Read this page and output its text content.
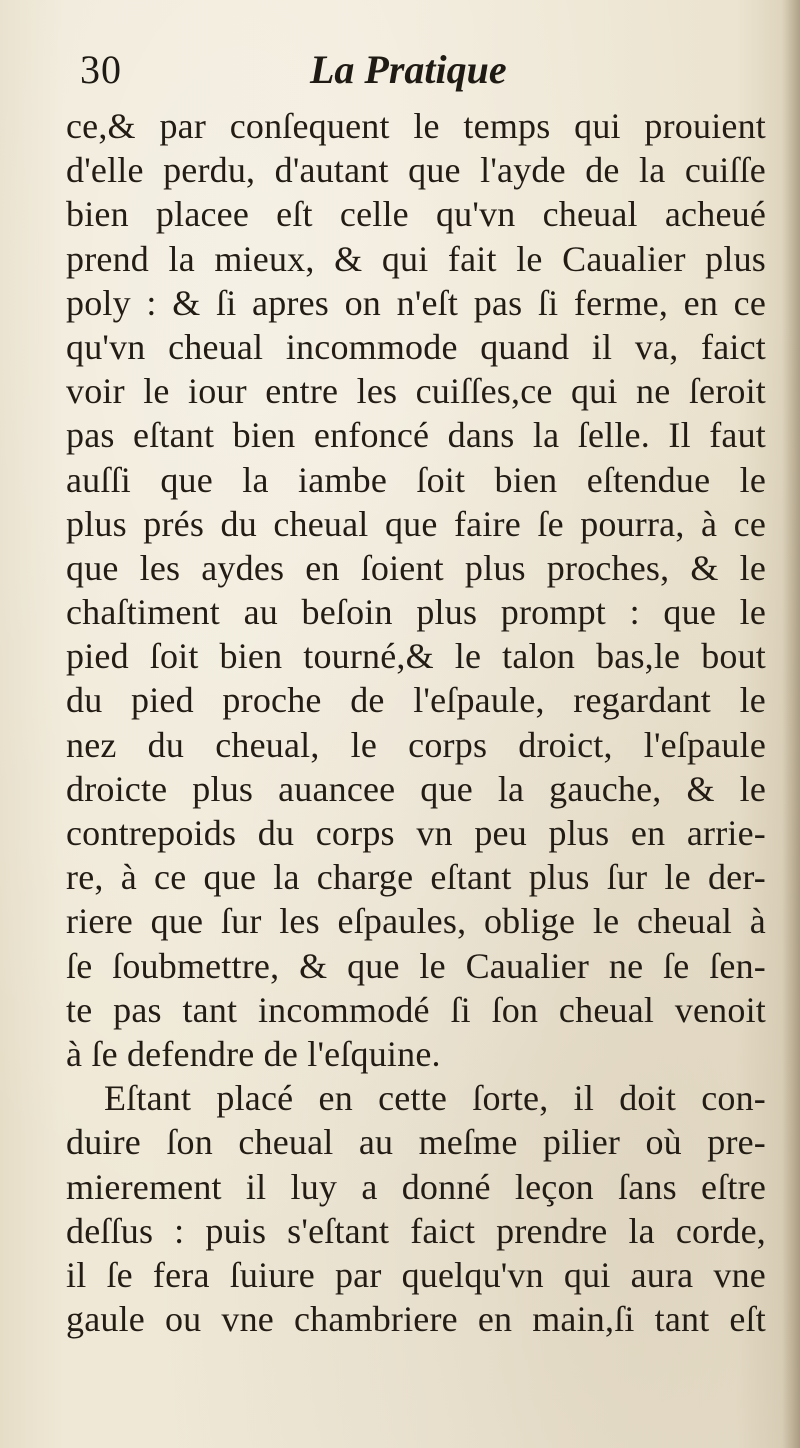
30	La Pratique
ce,& par conſequent le temps qui prouient
d'elle perdu, d'autant que l'ayde de la cuiſſe
bien placee eſt celle qu'vn cheual acheué
prend la mieux, & qui fait le Caualier plus
poly : & ſi apres on n'eſt pas ſi ferme, en ce
qu'vn cheual incommode quand il va, faict
voir le iour entre les cuiſſes,ce qui ne ſeroit
pas eſtant bien enfoncé dans la ſelle. Il faut
auſſi que la iambe ſoit bien eſtendue le
plus prés du cheual que faire ſe pourra, à ce
que les aydes en ſoient plus proches, & le
chaſtiment au beſoin plus prompt : que le
pied ſoit bien tourné,& le talon bas,le bout
du pied proche de l'eſpaule, regardant le
nez du cheual, le corps droict, l'eſpaule
droicte plus auancee que la gauche, & le
contrepoids du corps vn peu plus en arrie-
re, à ce que la charge eſtant plus ſur le der-
riere que ſur les eſpaules, oblige le cheual à
ſe ſoubmettre, & que le Caualier ne ſe ſen-
te pas tant incommodé ſi ſon cheual venoit
à ſe defendre de l'eſquine.
Eſtant placé en cette ſorte, il doit con-
duire ſon cheual au meſme pilier où pre-
mierement il luy a donné leçon ſans eſtre
deſſus : puis s'eſtant faict prendre la corde,
il ſe fera ſuiure par quelqu'vn qui aura vne
gaule ou vne chambriere en main,ſi tant eſt
